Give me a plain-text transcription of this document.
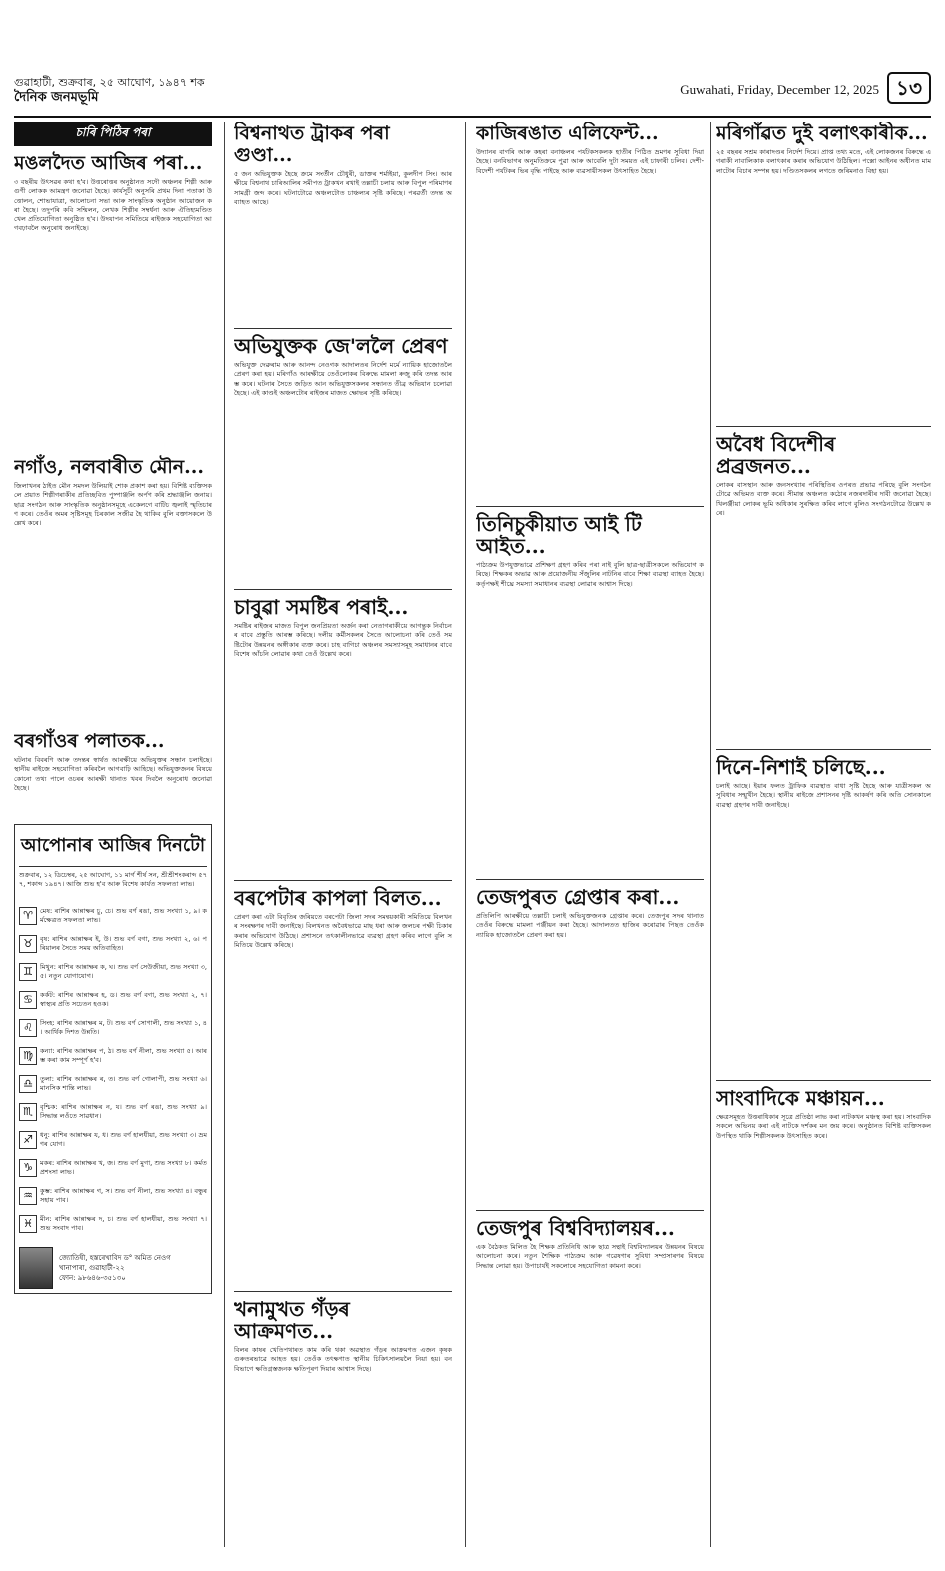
গুৱাহাটী, শুক্ৰবাৰ, ২৫ আঘোণ, ১৯৪৭ শক
দৈনিক জনমভূমি
Guwahati, Friday, December 12, 2025 ১৩
চাৰি পিঠিৰ পৰা
মঙলদৈত আজিৰ পৰা...

৩ বছৰীয় উৎসৱৰ কথা হ'ব। উত্তৰোত্তৰ অনুষ্ঠানত সদৌ অঞ্চলৰ শিল্পী আৰু গুণী লোকক আমন্ত্ৰণ জনোৱা হৈছে। কাৰ্যসূচী অনুসৰি প্ৰথম দিনা পতাকা উত্তোলন, শোভাযাত্ৰা, আলোচনা সভা আৰু সাংস্কৃতিক অনুষ্ঠান আয়োজন কৰা হৈছে। তদুপৰি কবি সন্মিলন, লেখক শিল্পীৰ সম্বৰ্ধনা আৰু ঐতিহ্যমণ্ডিত খেল প্ৰতিযোগিতা অনুষ্ঠিত হ'ব। উদযাপন সমিতিয়ে ৰাইজক সহযোগিতা আগবঢ়াবলৈ অনুৰোধ জনাইছে।

নগাঁও, নলবাৰীত মৌন...

জিলাখনৰ ঠাইত মৌন সমদল উলিয়াই শোক প্ৰকাশ কৰা হয়। বিশিষ্ট ব্যক্তিসকলে প্ৰয়াত শিল্পীগৰাকীৰ প্ৰতিচ্ছবিত পুষ্পাঞ্জলি অৰ্পণ কৰি শ্ৰদ্ধাঞ্জলি জনায়। ছাত্ৰ সংগঠন আৰু সাংস্কৃতিক অনুষ্ঠানসমূহে একেলগে বাটিচ জ্বলাই স্মৃতিচাৰণ কৰে। তেওঁৰ অমৰ সৃষ্টিসমূহ চিৰকাল সজীৱ হৈ থাকিব বুলি বক্তাসকলে উল্লেখ কৰে।

বৰগাঁওৰ পলাতক...

ঘটনাৰ বিবৰণি আৰু তদন্তৰ স্বাৰ্থত আৰক্ষীয়ে অভিযুক্তৰ সন্ধান চলাইছে। স্থানীয় ৰাইজে সহযোগিতা কৰিবলৈ আগবাঢ়ি আহিছে। অভিযুক্তজনৰ বিষয়ে কোনো তথ্য পালে ওচৰৰ আৰক্ষী থানাত খবৰ দিবলৈ অনুৰোধ জনোৱা হৈছে।

আপোনাৰ আজিৰ দিনটো

শুক্ৰবাৰ, ১২ ডিচেম্বৰ, ২৫ আঘোণ, ১১ মাৰ্গ শীৰ্ষ সন, শ্ৰীশ্ৰীশংকৰাব্দ ৫৭৭, শকাব্দ ১৯৪৭। আজি শুভ হ'ব আৰু বিশেষ কাৰ্যত সফলতা লাভ।

♈	মেষ: ৰাশিৰ আন্নাক্ষৰ চু, চে। শুভ বৰ্ণ ৰঙা, শুভ সংখ্যা ১, ৯। কৰ্মক্ষেত্ৰত সফলতা লাভ।

♉	বৃষ: ৰাশিৰ আন্নাক্ষৰ ই, উ। শুভ বৰ্ণ বগা, শুভ সংখ্যা ২, ৬। পৰিয়ালৰ সৈতে সময় অতিবাহিত।

♊	মিথুন: ৰাশিৰ আন্নাক্ষৰ ক, ঘ। শুভ বৰ্ণ সেউজীয়া, শুভ সংখ্যা ৩, ৫। নতুন যোগাযোগ।

♋	কৰ্কট: ৰাশিৰ আন্নাক্ষৰ হ, ড। শুভ বৰ্ণ বগা, শুভ সংখ্যা ২, ৭। স্বাস্থ্যৰ প্ৰতি সচেতন হওক।

♌	সিংহ: ৰাশিৰ আন্নাক্ষৰ ম, ট। শুভ বৰ্ণ সোণালী, শুভ সংখ্যা ১, ৪। আৰ্থিক দিশত উন্নতি।

♍	কন্যা: ৰাশিৰ আন্নাক্ষৰ প, ঠ। শুভ বৰ্ণ নীলা, শুভ সংখ্যা ৫। আৰম্ভ কৰা কাম সম্পূৰ্ণ হ'ব।

♎	তুলা: ৰাশিৰ আন্নাক্ষৰ ৰ, ত। শুভ বৰ্ণ গোলাপী, শুভ সংখ্যা ৬। মানসিক শান্তি লাভ।

♏	বৃশ্চিক: ৰাশিৰ আন্নাক্ষৰ ন, য। শুভ বৰ্ণ ৰঙা, শুভ সংখ্যা ৯। সিদ্ধান্ত লওঁতে সাৱধান।

♐	ধনু: ৰাশিৰ আন্নাক্ষৰ য, ধ। শুভ বৰ্ণ হালধীয়া, শুভ সংখ্যা ৩। ভ্ৰমণৰ যোগ।

♑	মকৰ: ৰাশিৰ আন্নাক্ষৰ খ, জ। শুভ বৰ্ণ মুগা, শুভ সংখ্যা ৮। কৰ্মত প্ৰশংসা লাভ।

♒	কুম্ভ: ৰাশিৰ আন্নাক্ষৰ গ, স। শুভ বৰ্ণ নীলা, শুভ সংখ্যা ৪। বন্ধুৰ সহায় পাব।

♓	মীন: ৰাশিৰ আন্নাক্ষৰ দ, চ। শুভ বৰ্ণ হালধীয়া, শুভ সংখ্যা ৭। শুভ সংবাদ পাব।

জ্যোতিষী, হস্তৰেখাবিদ ড° অমিত নেওগ
খানাপাৰা, গুৱাহাটী-২২
ফোন: ৯৮৬৪৬-৩৫১৩০
বিশ্বনাথত ট্ৰাকৰ পৰা গুণ্ডা...

৫ জন অভিযুক্তক হৈছে ক্ৰমে সংৰ্তীন চৌধুৰী, ডাক্তৰ শৰ্মাইয়া, কুলদীপ সিং। আৰক্ষীয়ে বিশ্বনাথ চাৰিআলিৰ সমীপত ট্ৰাকখন ৰখাই তল্লাচী চলায় আৰু বিপুল পৰিমাণৰ সামগ্ৰী জব্দ কৰে। ঘটনাটোৱে অঞ্চলটোত চাঞ্চল্যৰ সৃষ্টি কৰিছে। পৰৱৰ্তী তদন্ত অব্যাহত আছে।

অভিযুক্তক জে'ললৈ প্ৰেৰণ

অভিযুক্ত দেৱুৰাম আৰু আনন্দ নেওগক আদালতৰ নিৰ্দেশ মৰ্মে ন্যায়িক হাজোতলৈ প্ৰেৰণ কৰা হয়। মৰিগাঁও আৰক্ষীয়ে তেওঁলোকৰ বিৰুদ্ধে মামলা ৰুজু কৰি তদন্ত আৰম্ভ কৰে। ঘটনাৰ সৈতে জড়িত আন অভিযুক্তসকলৰ সন্ধানত তীব্ৰ অভিযান চলোৱা হৈছে। এই কাণ্ডই অঞ্চলটোৰ ৰাইজৰ মাজত ক্ষোভৰ সৃষ্টি কৰিছে।

চাবুৱা সমষ্টিৰ পৰাই...

সমষ্টিৰ ৰাইজৰ মাজত বিপুল জনপ্ৰিয়তা অৰ্জন কৰা নেতাগৰাকীয়ে আগন্তুক নিৰ্বাচনৰ বাবে প্ৰস্তুতি আৰম্ভ কৰিছে। দলীয় কৰ্মীসকলৰ সৈতে আলোচনা কৰি তেওঁ সমষ্টিটোৰ উন্নয়নৰ অঙ্গীকাৰ ব্যক্ত কৰে। চাহ বাগিচা অঞ্চলৰ সমস্যাসমূহ সমাধানৰ বাবে বিশেষ আঁচনি লোৱাৰ কথা তেওঁ উল্লেখ কৰে।

বৰপেটাৰ কাপলা বিলত...

প্ৰেৰণ কৰা এটা বিবৃতিৰ জৰিয়তে বৰপেটা জিলা সদৰ সমন্বয়কাৰী সমিতিয়ে বিলখনৰ সংৰক্ষণৰ দাবী জনাইছে। বিলখনত অবৈধভাৱে মাছ ধৰা আৰু জলচৰ পক্ষী চিকাৰ কৰাৰ অভিযোগ উঠিছে। প্ৰশাসনে তৎকালীনভাৱে ব্যৱস্থা গ্ৰহণ কৰিব লাগে বুলি সমিতিয়ে উল্লেখ কৰিছে।

খনামুখত গঁড়ৰ আক্ৰমণত...

বিলৰ কাষৰ খেতিপথাৰত কাম কৰি থকা অৱস্থাত গঁড়ৰ আক্ৰমণত এজন কৃষক গুৰুতৰভাৱে আহত হয়। তেওঁক তৎক্ষণাত স্থানীয় চিকিৎসালয়লৈ নিয়া হয়। বন বিভাগে ক্ষতিগ্ৰস্তজনক ক্ষতিপূৰণ দিয়াৰ আশ্বাস দিছে।

কাজিৰঙাত এলিফেন্ট...

উদ্যানৰ বাগৰি আৰু কহৰা বনাঞ্চলৰ পৰ্যটকসকলক হাতীৰ পিঠিত ভ্ৰমণৰ সুবিধা দিয়া হৈছে। বনবিভাগৰ অনুমতিক্ৰমে পুৱা আৰু আবেলি দুটা সময়ত এই চাফাৰী চলিব। দেশী-বিদেশী পৰ্যটকৰ ভিৰ বৃদ্ধি পাইছে আৰু ব্যৱসায়ীসকল উৎসাহিত হৈছে।

তিনিচুকীয়াত আই টি আইত...

পাঠ্যক্ৰম উপযুক্তভাৱে প্ৰশিক্ষণ গ্ৰহণ কৰিব পৰা নাই বুলি ছাত্ৰ-ছাত্ৰীসকলে অভিযোগ কৰিছে। শিক্ষকৰ অভাৱ আৰু প্ৰয়োজনীয় সঁজুলিৰ নাটনিৰ বাবে শিক্ষা ব্যৱস্থা ব্যাহত হৈছে। কৰ্তৃপক্ষই শীঘ্ৰে সমস্যা সমাধানৰ ব্যৱস্থা লোৱাৰ আশ্বাস দিছে।

তেজপুৰত গ্ৰেপ্তাৰ কৰা...

প্ৰতিলিপি আৰক্ষীয়ে তল্লাচী চলাই অভিযুক্তজনক গ্ৰেপ্তাৰ কৰে। তেজপুৰ সদৰ থানাত তেওঁৰ বিৰুদ্ধে মামলা পঞ্জীয়ন কৰা হৈছে। আদালতত হাজিৰ কৰোৱাৰ পিছত তেওঁক ন্যায়িক হাজোতলৈ প্ৰেৰণ কৰা হয়।

তেজপুৰ বিশ্ববিদ্যালয়ৰ...

এক বৈঠকত মিলিত হৈ শিক্ষক প্ৰতিনিধি আৰু ছাত্ৰ সন্থাই বিশ্ববিদ্যালয়ৰ উন্নয়নৰ বিষয়ে আলোচনা কৰে। নতুন শৈক্ষিক পাঠ্যক্ৰম আৰু গৱেষণাৰ সুবিধা সম্প্ৰসাৰণৰ বিষয়ে সিদ্ধান্ত লোৱা হয়। উপাচাৰ্যই সকলোৰে সহযোগিতা কামনা কৰে।

মৰিগাঁৱত দুই বলাৎকাৰীক...

২৫ বছৰৰ সশ্ৰম কাৰাদণ্ডৰ নিৰ্দেশ দিয়ে। প্ৰাপ্ত তথ্য মতে, এই লোকজনৰ বিৰুদ্ধে এগৰাকী নাবালিকাক বলাৎকাৰ কৰাৰ অভিযোগ উঠিছিল। পক্সো আইনৰ অধীনত মামলাটোৰ বিচাৰ সম্পন্ন হয়। দণ্ডিতসকলৰ লগতে জৰিমনাও বিহা হয়।

অবৈধ বিদেশীৰ প্ৰব্ৰজনত...

লোকৰ বাসস্থান আৰু জনসংখ্যাৰ পৰিস্থিতিৰ ওপৰত প্ৰভাৱ পৰিছে বুলি সংগঠনটোৱে অভিমত ব্যক্ত কৰে। সীমান্ত অঞ্চলত কঠোৰ নজৰদাৰীৰ দাবী জনোৱা হৈছে। খিলঞ্জীয়া লোকৰ ভূমি অধিকাৰ সুৰক্ষিত কৰিব লাগে বুলিও সংগঠনটোৱে উল্লেখ কৰে।

দিনে-নিশাই চলিছে...

চলাই আছে। ইয়াৰ ফলত ট্ৰাফিক ব্যৱস্থাত বাধা সৃষ্টি হৈছে আৰু যাত্ৰীসকল অসুবিধাৰ সন্মুখীন হৈছে। স্থানীয় ৰাইজে প্ৰশাসনৰ দৃষ্টি আকৰ্ষণ কৰি অতি সোনকালে ব্যৱস্থা গ্ৰহণৰ দাবী জনাইছে।

সাংবাদিকে মঞ্চায়ন...

ক্ষেত্ৰসমূহত উত্তৰাধিকাৰ সূত্ৰে প্ৰতিষ্ঠা লাভ কৰা নাটকখন মঞ্চস্থ কৰা হয়। সাংবাদিকসকলে অভিনয় কৰা এই নাটকে দৰ্শকৰ মন জয় কৰে। অনুষ্ঠানত বিশিষ্ট ব্যক্তিসকল উপস্থিত থাকি শিল্পীসকলক উৎসাহিত কৰে।
